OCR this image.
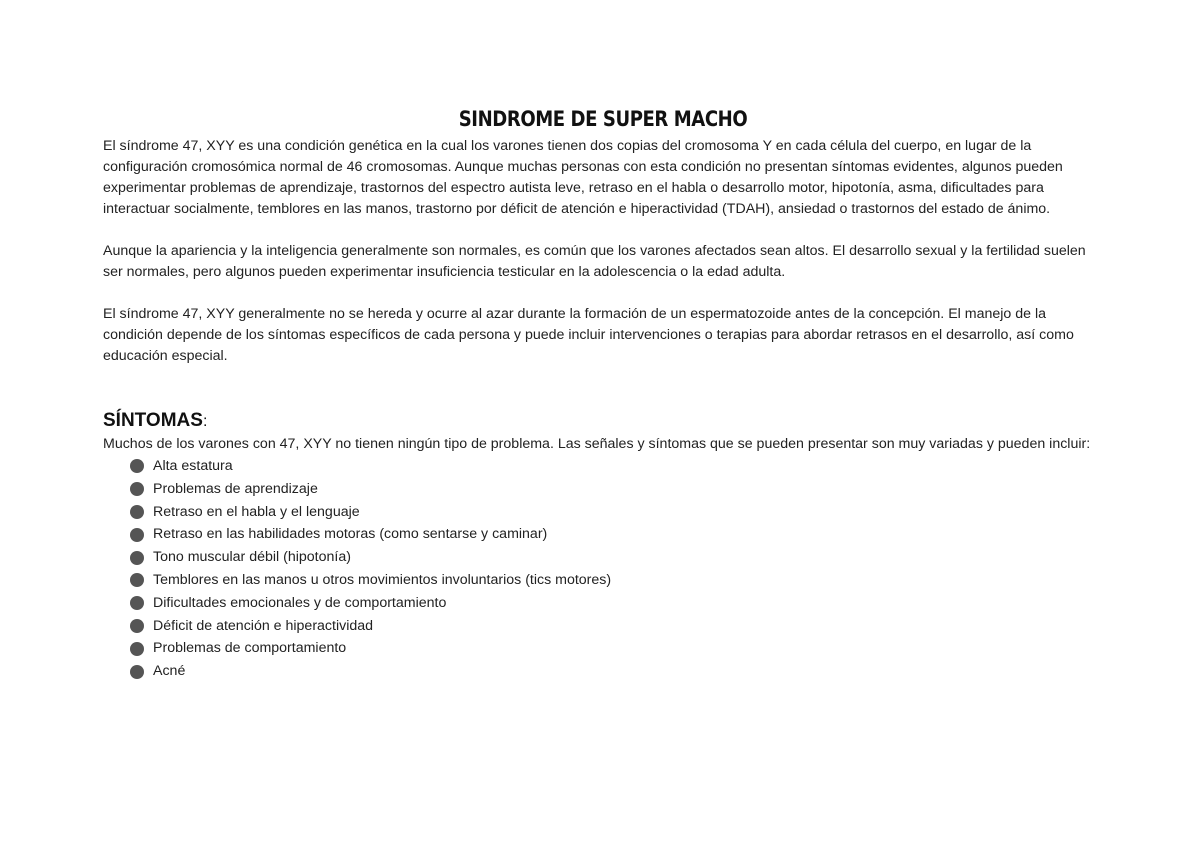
SINDROME DE SUPER MACHO

El síndrome 47, XYY es una condición genética en la cual los varones tienen dos copias del cromosoma Y en cada célula del cuerpo, en lugar de la configuración cromosómica normal de 46 cromosomas. Aunque muchas personas con esta condición no presentan síntomas evidentes, algunos pueden experimentar problemas de aprendizaje, trastornos del espectro autista leve, retraso en el habla o desarrollo motor, hipotonía, asma, dificultades para interactuar socialmente, temblores en las manos, trastorno por déficit de atención e hiperactividad (TDAH), ansiedad o trastornos del estado de ánimo.

Aunque la apariencia y la inteligencia generalmente son normales, es común que los varones afectados sean altos. El desarrollo sexual y la fertilidad suelen ser normales, pero algunos pueden experimentar insuficiencia testicular en la adolescencia o la edad adulta.

El síndrome 47, XYY generalmente no se hereda y ocurre al azar durante la formación de un espermatozoide antes de la concepción. El manejo de la condición depende de los síntomas específicos de cada persona y puede incluir intervenciones o terapias para abordar retrasos en el desarrollo, así como educación especial.

SÍNTOMAS:

Muchos de los varones con 47, XYY no tienen ningún tipo de problema. Las señales y síntomas que se pueden presentar son muy variadas y pueden incluir:

Alta estatura
Problemas de aprendizaje
Retraso en el habla y el lenguaje
Retraso en las habilidades motoras (como sentarse y caminar)
Tono muscular débil (hipotonía)
Temblores en las manos u otros movimientos involuntarios (tics motores)
Dificultades emocionales y de comportamiento
Déficit de atención e hiperactividad
Problemas de comportamiento
Acné
